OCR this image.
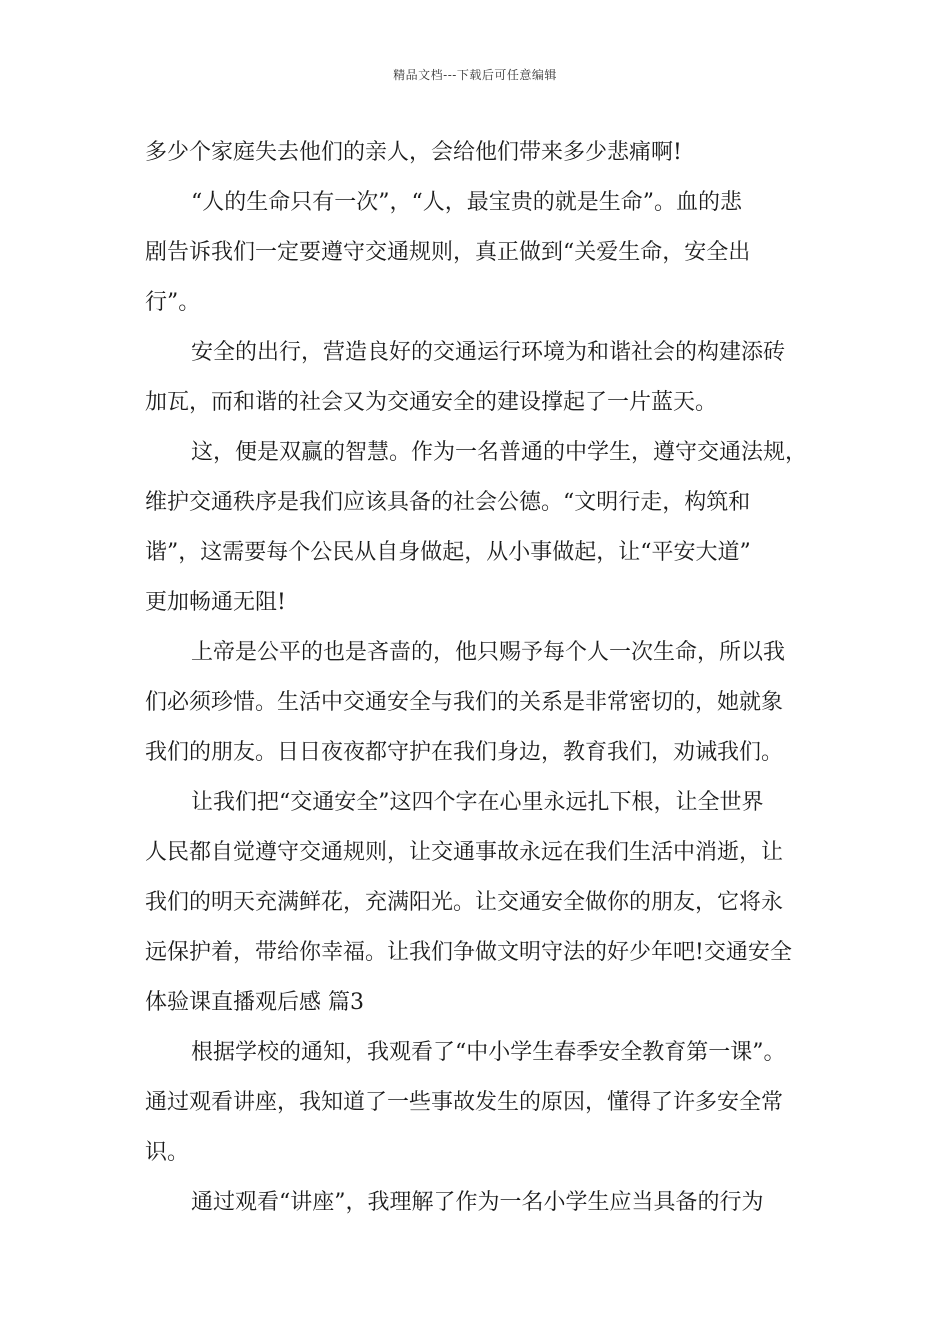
精品文档---下载后可任意编辑
多少个家庭失去他们的亲人，会给他们带来多少悲痛啊!
“人的生命只有一次”，“人，最宝贵的就是生命”。血的悲
剧告诉我们一定要遵守交通规则，真正做到“关爱生命，安全出
行”。
安全的出行，营造良好的交通运行环境为和谐社会的构建添砖
加瓦，而和谐的社会又为交通安全的建设撑起了一片蓝天。
这，便是双赢的智慧。作为一名普通的中学生，遵守交通法规，
维护交通秩序是我们应该具备的社会公德。“文明行走，构筑和
谐”，这需要每个公民从自身做起，从小事做起，让“平安大道”
更加畅通无阻!
上帝是公平的也是吝啬的，他只赐予每个人一次生命，所以我
们必须珍惜。生活中交通安全与我们的关系是非常密切的，她就象
我们的朋友。日日夜夜都守护在我们身边，教育我们，劝诫我们。
让我们把“交通安全”这四个字在心里永远扎下根，让全世界
人民都自觉遵守交通规则，让交通事故永远在我们生活中消逝，让
我们的明天充满鲜花，充满阳光。让交通安全做你的朋友，它将永
远保护着，带给你幸福。让我们争做文明守法的好少年吧!交通安全
体验课直播观后感 篇3
根据学校的通知，我观看了“中小学生春季安全教育第一课”。
通过观看讲座，我知道了一些事故发生的原因，懂得了许多安全常
识。
通过观看“讲座”，我理解了作为一名小学生应当具备的行为
